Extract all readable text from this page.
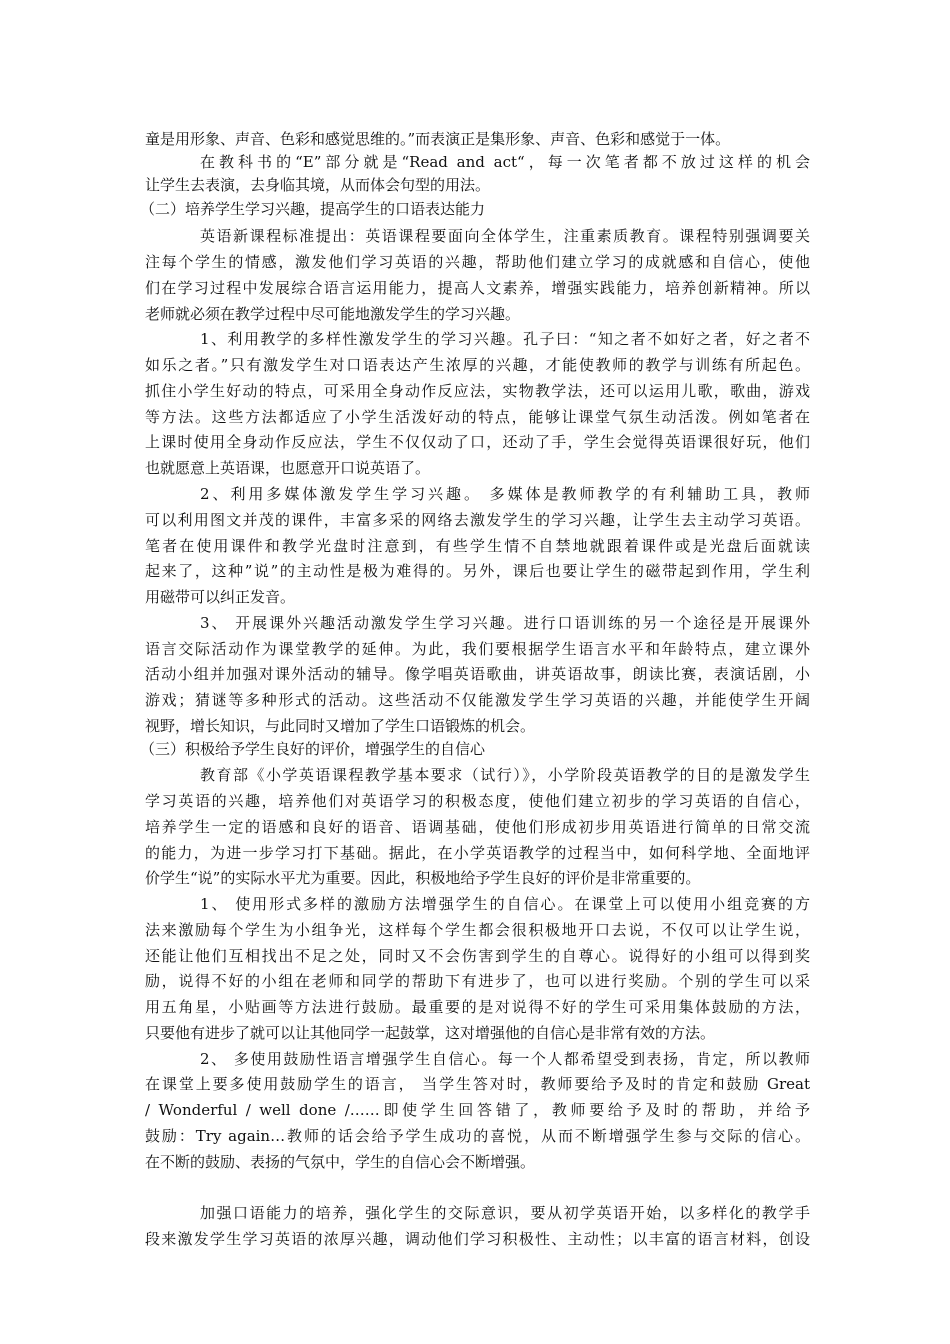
童是用形象、声音、色彩和感觉思维的。”而表演正是集形象、声音、色彩和感觉于一体。
在教科书的“E”部分就是“Read and act“，每一次笔者都不放过这样的机会
让学生去表演，去身临其境，从而体会句型的用法。
（二）培养学生学习兴趣，提高学生的口语表达能力
英语新课程标准提出：英语课程要面向全体学生，注重素质教育。课程特别强调要关
注每个学生的情感，激发他们学习英语的兴趣，帮助他们建立学习的成就感和自信心，使他
们在学习过程中发展综合语言运用能力，提高人文素养，增强实践能力，培养创新精神。所以
老师就必须在教学过程中尽可能地激发学生的学习兴趣。
1、利用教学的多样性激发学生的学习兴趣。孔子曰：“知之者不如好之者，好之者不
如乐之者。”只有激发学生对口语表达产生浓厚的兴趣，才能使教师的教学与训练有所起色。
抓住小学生好动的特点，可采用全身动作反应法，实物教学法，还可以运用儿歌，歌曲，游戏
等方法。这些方法都适应了小学生活泼好动的特点，能够让课堂气氛生动活泼。例如笔者在
上课时使用全身动作反应法，学生不仅仅动了口，还动了手，学生会觉得英语课很好玩，他们
也就愿意上英语课，也愿意开口说英语了。
2、利用多媒体激发学生学习兴趣。 多媒体是教师教学的有利辅助工具，教师
可以利用图文并茂的课件，丰富多采的网络去激发学生的学习兴趣，让学生去主动学习英语。
笔者在使用课件和教学光盘时注意到，有些学生情不自禁地就跟着课件或是光盘后面就读
起来了，这种”说”的主动性是极为难得的。另外，课后也要让学生的磁带起到作用，学生利
用磁带可以纠正发音。
3、 开展课外兴趣活动激发学生学习兴趣。进行口语训练的另一个途径是开展课外
语言交际活动作为课堂教学的延伸。为此，我们要根据学生语言水平和年龄特点，建立课外
活动小组并加强对课外活动的辅导。像学唱英语歌曲，讲英语故事，朗读比赛，表演话剧，小
游戏；猜谜等多种形式的活动。这些活动不仅能激发学生学习英语的兴趣，并能使学生开阔
视野，增长知识，与此同时又增加了学生口语锻炼的机会。
（三）积极给予学生良好的评价，增强学生的自信心
教育部《小学英语课程教学基本要求（试行）》，小学阶段英语教学的目的是激发学生
学习英语的兴趣，培养他们对英语学习的积极态度，使他们建立初步的学习英语的自信心，
培养学生一定的语感和良好的语音、语调基础，使他们形成初步用英语进行简单的日常交流
的能力，为进一步学习打下基础。据此，在小学英语教学的过程当中，如何科学地、全面地评
价学生“说”的实际水平尤为重要。因此，积极地给予学生良好的评价是非常重要的。
1、 使用形式多样的激励方法增强学生的自信心。在课堂上可以使用小组竞赛的方
法来激励每个学生为小组争光，这样每个学生都会很积极地开口去说，不仅可以让学生说，
还能让他们互相找出不足之处，同时又不会伤害到学生的自尊心。说得好的小组可以得到奖
励，说得不好的小组在老师和同学的帮助下有进步了，也可以进行奖励。个别的学生可以采
用五角星，小贴画等方法进行鼓励。最重要的是对说得不好的学生可采用集体鼓励的方法，
只要他有进步了就可以让其他同学一起鼓掌，这对增强他的自信心是非常有效的方法。
2、 多使用鼓励性语言增强学生自信心。每一个人都希望受到表扬，肯定，所以教师
在课堂上要多使用鼓励学生的语言， 当学生答对时，教师要给予及时的肯定和鼓励 Great
/ Wonderful / well done /……即使学生回答错了，教师要给予及时的帮助，并给予
鼓励：Try again…教师的话会给予学生成功的喜悦，从而不断增强学生参与交际的信心。
在不断的鼓励、表扬的气氛中，学生的自信心会不断增强。
加强口语能力的培养，强化学生的交际意识，要从初学英语开始，以多样化的教学手
段来激发学生学习英语的浓厚兴趣，调动他们学习积极性、主动性；以丰富的语言材料，创设
